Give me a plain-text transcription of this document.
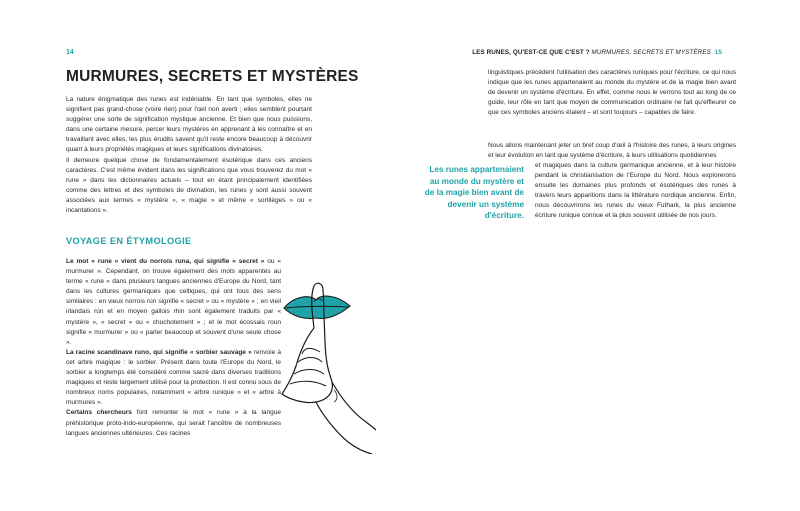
14	LES RUNES, QU'EST-CE QUE C'EST ? MURMURES, SECRETS ET MYSTÈRES 15
MURMURES, SECRETS ET MYSTÈRES

La nature énigmatique des runes est indéniable. En tant que symboles, elles ne signifient pas grand-chose (voire rien) pour l'œil non averti ; elles semblent pourtant suggérer une sorte de signification mystique ancienne. Et bien que nous puissions, dans une certaine mesure, percer leurs mystères en apprenant à les connaître et en travaillant avec elles, les plus érudits savent qu'il reste encore beaucoup à découvrir quant à leurs propriétés magiques et leurs significations divinatoires.

Il demeure quelque chose de fondamentalement ésotérique dans ces anciens caractères. C'est même évident dans les significations que vous trouverez du mot « rune » dans les dictionnaires actuels – tout en étant principalement identifiées comme des lettres et des symboles de divination, les runes y sont aussi souvent associées aux termes « mystère », « magie » et même « sortilèges » ou « incantations ».

VOYAGE EN ÉTYMOLOGIE

Le mot « rune » vient du norrois runa, qui signifie « secret » ou « murmurer ». Cependant, on trouve également des mots apparentés au terme « rune » dans plusieurs langues anciennes d'Europe du Nord, tant dans les cultures germaniques que celtiques, qui ont tous des sens similaires : en vieux norrois rún signifie « secret » ou « mystère » ; en vieil irlandais rún et en moyen gallois rhin sont également traduits par « mystère », « secret » ou « chuchotement » ; et le mot écossais roun signifie « murmurer » ou « parler beaucoup et souvent d'une seule chose ».

La racine scandinave runo, qui signifie « sorbier sauvage » renvoie à cet arbre magique : le sorbier. Présent dans toute l'Europe du Nord, le sorbier a longtemps été considéré comme sacré dans diverses traditions magiques et reste largement utilisé pour la protection. Il est connu sous de nombreux noms populaires, notamment « arbre runique » et « arbre à murmures ».

Certains chercheurs font remonter le mot « rune » à la langue préhistorique proto-indo-européenne, qui serait l'ancêtre de nombreuses langues anciennes ultérieures. Ces racines

linguistiques précèdent l'utilisation des caractères runiques pour l'écriture, ce qui nous indique que les runes appartenaient au monde du mystère et de la magie bien avant de devenir un système d'écriture. En effet, comme nous le verrons tout au long de ce guide, leur rôle en tant que moyen de communication ordinaire ne fait qu'effleurer ce que ces symboles anciens étaient – et sont toujours – capables de faire.

Nous allons maintenant jeter un bref coup d'œil à l'histoire des runes, à leurs origines et leur évolution en tant que système d'écriture, à leurs utilisations quotidiennes

et magiques dans la culture germanique ancienne, et à leur histoire pendant la christianisation de l'Europe du Nord. Nous explorerons ensuite les domaines plus profonds et ésotériques des runes à travers leurs apparitions dans la littérature nordique ancienne. Enfin, nous découvrirons les runes du vieux Futhark, la plus ancienne écriture runique connue et la plus souvent utilisée de nos jours.

Les runes appartenaient au monde du mystère et de la magie bien avant de devenir un système d'écriture.
